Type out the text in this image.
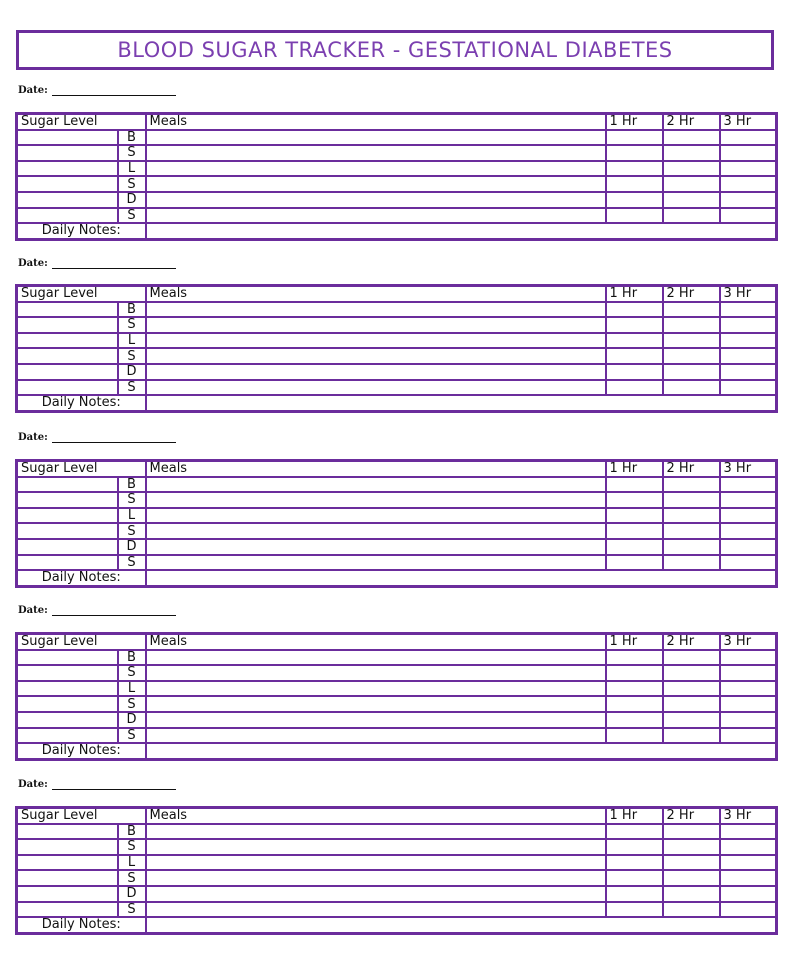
BLOOD SUGAR TRACKER - GESTATIONAL DIABETES
Date:
Sugar Level		Meals	1 Hr	2 Hr	3 Hr
	B				
	S				
	L				
	S				
	D				
	S				
Daily Notes:					
Date:
Sugar Level		Meals	1 Hr	2 Hr	3 Hr
	B				
	S				
	L				
	S				
	D				
	S				
Daily Notes:					
Date:
Sugar Level		Meals	1 Hr	2 Hr	3 Hr
	B				
	S				
	L				
	S				
	D				
	S				
Daily Notes:					
Date:
Sugar Level		Meals	1 Hr	2 Hr	3 Hr
	B				
	S				
	L				
	S				
	D				
	S				
Daily Notes:					
Date:
Sugar Level		Meals	1 Hr	2 Hr	3 Hr
	B				
	S				
	L				
	S				
	D				
	S				
Daily Notes:					
